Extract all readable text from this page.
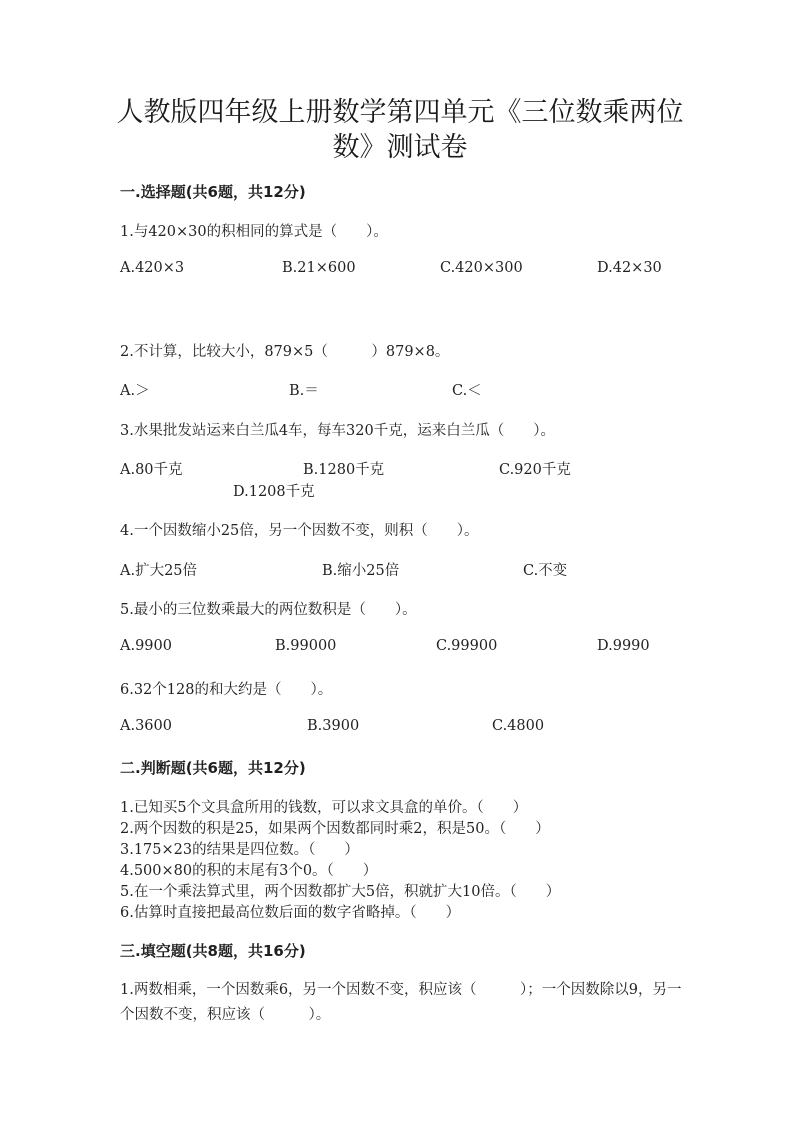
人教版四年级上册数学第四单元《三位数乘两位
数》测试卷
一.选择题(共6题，共12分)
1.与420×30的积相同的算式是（　　）。
A.420×3	B.21×600	C.420×300	D.42×30
2.不计算，比较大小，879×5（　　　）879×8。
A.＞	B.＝	C.＜
3.水果批发站运来白兰瓜4车，每车320千克，运来白兰瓜（　　）。
A.80千克	B.1280千克	C.920千克
D.1208千克
4.一个因数缩小25倍，另一个因数不变，则积（　　）。
A.扩大25倍	B.缩小25倍	C.不变
5.最小的三位数乘最大的两位数积是（　　）。
A.9900	B.99000	C.99900	D.9990
6.32个128的和大约是（　　）。
A.3600	B.3900	C.4800
二.判断题(共6题，共12分)
1.已知买5个文具盒所用的钱数，可以求文具盒的单价。（　　）
2.两个因数的积是25，如果两个因数都同时乘2，积是50。（　　）
3.175×23的结果是四位数。（　　）
4.500×80的积的末尾有3个0。（　　）
5.在一个乘法算式里，两个因数都扩大5倍，积就扩大10倍。（　　）
6.估算时直接把最高位数后面的数字省略掉。（　　）
三.填空题(共8题，共16分)
1.两数相乘，一个因数乘6，另一个因数不变，积应该（　　　）；一个因数除以9，另一个因数不变，积应该（　　　）。
